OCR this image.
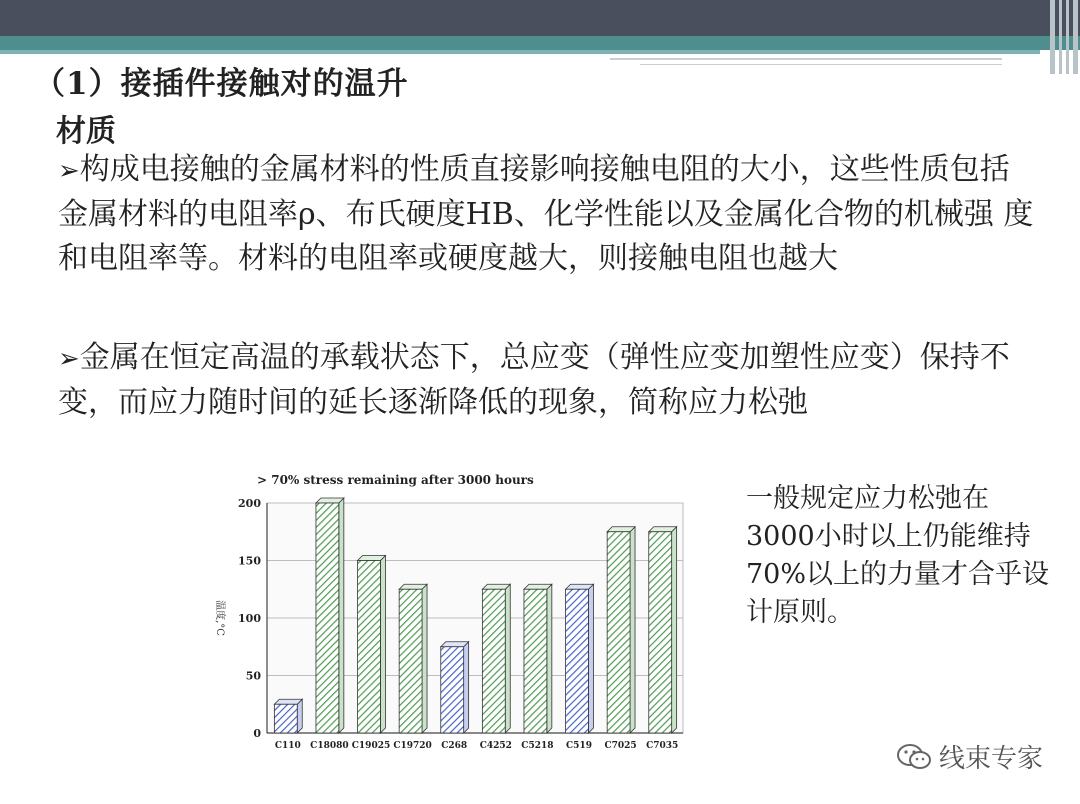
（1）接插件接触对的温升
材质

➢构成电接触的金属材料的性质直接影响接触电阻的大小，这些性质包括金属材料的电阻率ρ、布氏硬度HB、化学性能以及金属化合物的机械强 度和电阻率等。材料的电阻率或硬度越大，则接触电阻也越大

➢金属在恒定高温的承载状态下，总应变（弹性应变加塑性应变）保持不变，而应力随时间的延长逐渐降低的现象，简称应力松弛

> 70% stress remaining after 3000 hours
0
50
100
150
200
C110 C18080 C19025 C19720 C268 C4252 C5218 C519 C7025 C7035
温度,°C
一般规定应力松弛在3000小时以上仍能维持70%以上的力量才合乎设计原则。
线束专家
